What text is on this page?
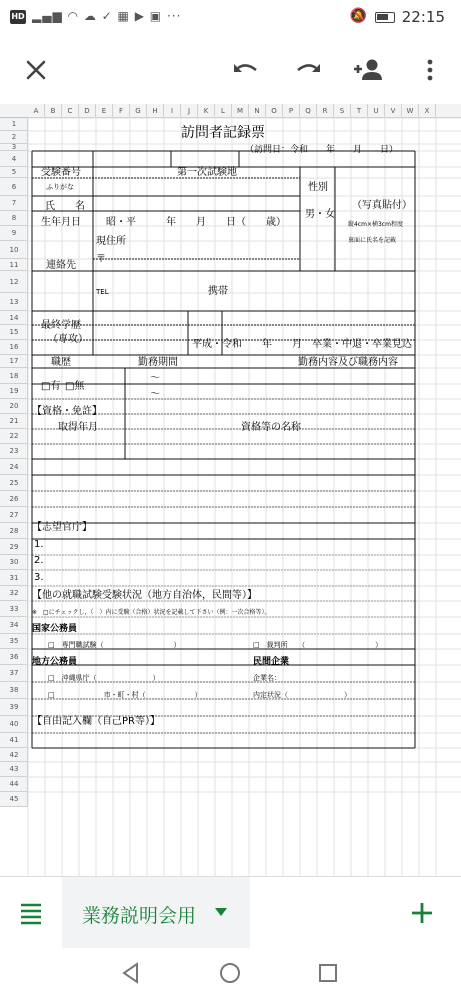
HD ▂▄▆ ◠ ☁ ✓ ▦ ▶ ▣ ···	🔕 22:15
A	B	C	D	E	F	G	H	I	J	K	L	M	N	O	P	Q	R	S	T	U	V	W	X
1
2
3
4
5
6
7
8
9
10
11
12
13
14
15
16
17
18
19
20
21
22
23
24
25
26
27
28
29
30
31
32
33
34
35
36
37
38
39
40
41
42
43
44
45
訪問者記録票
（訪問日：令和　　年　　月　　日）
受験番号	第一次試験地
ふりがな	性別
氏　　名
男・女
（写真貼付）
縦4cm×横3cm程度
裏面に氏名を記載
生年月日	昭・平　　　年　　月　　日（　　歳）
現住所
〒
連絡先
TEL	携帯
最終学歴
（専攻）	平成・令和　　年　　月　卒業・中退・卒業見込
職歴	勤務期間	勤務内容及び職務内容
□有 □無
～
～
【資格・免許】
取得年月	資格等の名称
【志望官庁】
1.
2.
3.
【他の就職試験受験状況（地方自治体，民間等）】
※　□にチェックし，（　）内に受験（合格）状況を記載して下さい（例：一次合格等）。
国家公務員
□　専門職試験（　　　　　　　　　　）	□　裁判所　　（　　　　　　　　　　）
地方公務員	民間企業
□　沖縄県庁（　　　　　　　　）	企業名：
□　　　　　　　市・町・村（　　　　　　　）	内定状況（　　　　　　　　）
【自由記入欄（自己PR等）】
業務説明会用
